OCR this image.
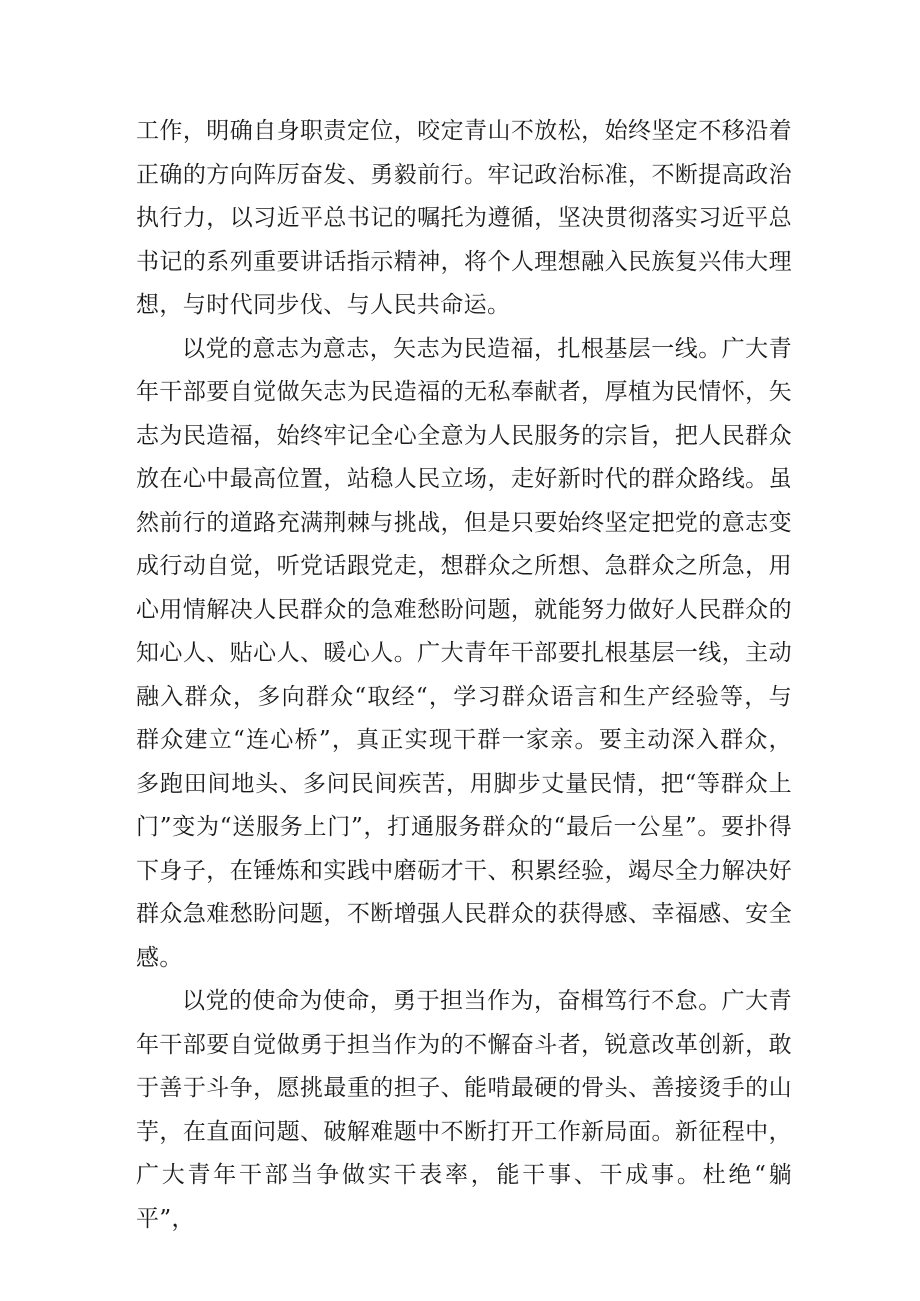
工作，明确自身职责定位，咬定青山不放松，始终坚定不移沿着正确的方向阵厉奋发、勇毅前行。牢记政治标准，不断提高政治执行力，以习近平总书记的嘱托为遵循，坚决贯彻落实习近平总书记的系列重要讲话指示精神，将个人理想融入民族复兴伟大理想，与时代同步伐、与人民共命运。

以党的意志为意志，矢志为民造福，扎根基层一线。广大青年干部要自觉做矢志为民造福的无私奉献者，厚植为民情怀，矢志为民造福，始终牢记全心全意为人民服务的宗旨，把人民群众放在心中最高位置，站稳人民立场，走好新时代的群众路线。虽然前行的道路充满荆棘与挑战，但是只要始终坚定把党的意志变成行动自觉，听党话跟党走，想群众之所想、急群众之所急，用心用情解决人民群众的急难愁盼问题，就能努力做好人民群众的知心人、贴心人、暖心人。广大青年干部要扎根基层一线，主动融入群众，多向群众“取经“，学习群众语言和生产经验等，与群众建立“连心桥”，真正实现干群一家亲。要主动深入群众，多跑田间地头、多问民间疾苦，用脚步丈量民情，把“等群众上门”变为“送服务上门”，打通服务群众的“最后一公星”。要扑得下身子，在锤炼和实践中磨砺才干、积累经验，竭尽全力解决好群众急难愁盼问题，不断增强人民群众的获得感、幸福感、安全感。

以党的使命为使命，勇于担当作为，奋楫笃行不怠。广大青年干部要自觉做勇于担当作为的不懈奋斗者，锐意改革创新，敢于善于斗争，愿挑最重的担子、能啃最硬的骨头、善接烫手的山芋，在直面问题、破解难题中不断打开工作新局面。新征程中，广大青年干部当争做实干表率，能干事、干成事。杜绝“躺平”，
